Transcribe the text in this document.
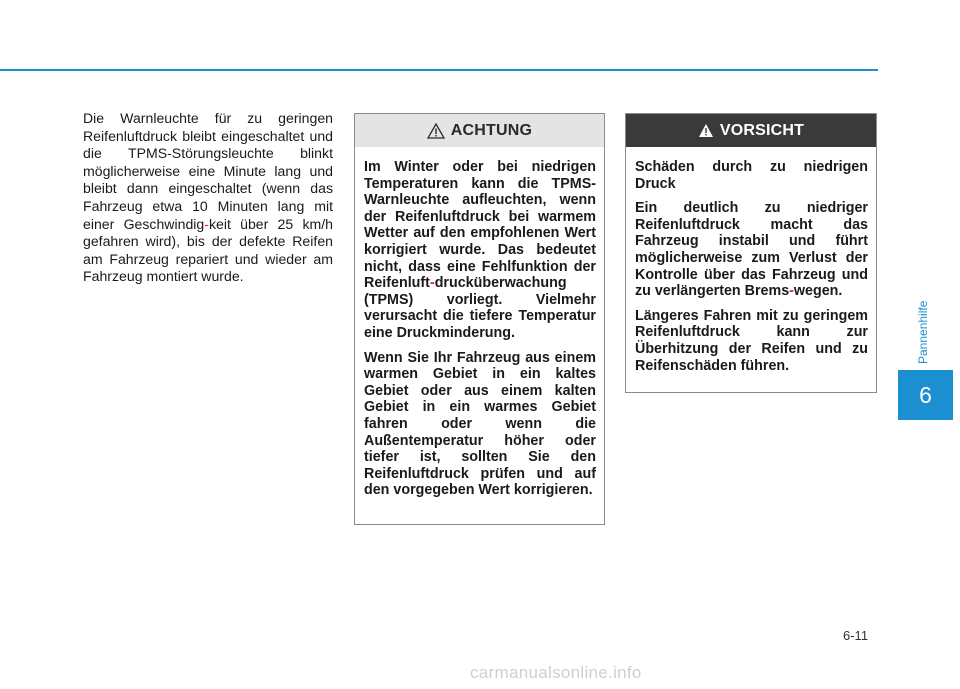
Die Warnleuchte für zu geringen Reifenluftdruck bleibt eingeschaltet und die TPMS-Störungsleuchte blinkt möglicherweise eine Minute lang und bleibt dann eingeschaltet (wenn das Fahrzeug etwa 10 Minuten lang mit einer Geschwindig-keit über 25 km/h gefahren wird), bis der defekte Reifen am Fahrzeug repariert und wieder am Fahrzeug montiert wurde.
ACHTUNG

Im Winter oder bei niedrigen Temperaturen kann die TPMS-Warnleuchte aufleuchten, wenn der Reifenluftdruck bei warmem Wetter auf den empfohlenen Wert korrigiert wurde. Das bedeutet nicht, dass eine Fehlfunktion der Reifenluft-drucküberwachung (TPMS) vorliegt. Vielmehr verursacht die tiefere Temperatur eine Druckminderung.

Wenn Sie Ihr Fahrzeug aus einem warmen Gebiet in ein kaltes Gebiet oder aus einem kalten Gebiet in ein warmes Gebiet fahren oder wenn die Außentemperatur höher oder tiefer ist, sollten Sie den Reifenluftdruck prüfen und auf den vorgegeben Wert korrigieren.

VORSICHT

Schäden durch zu niedrigen Druck

Ein deutlich zu niedriger Reifenluftdruck macht das Fahrzeug instabil und führt möglicherweise zum Verlust der Kontrolle über das Fahrzeug und zu verlängerten Brems-wegen.

Längeres Fahren mit zu geringem Reifenluftdruck kann zur Überhitzung der Reifen und zu Reifenschäden führen.

Pannenhilfe
6
6-11
carmanualsonline.info
